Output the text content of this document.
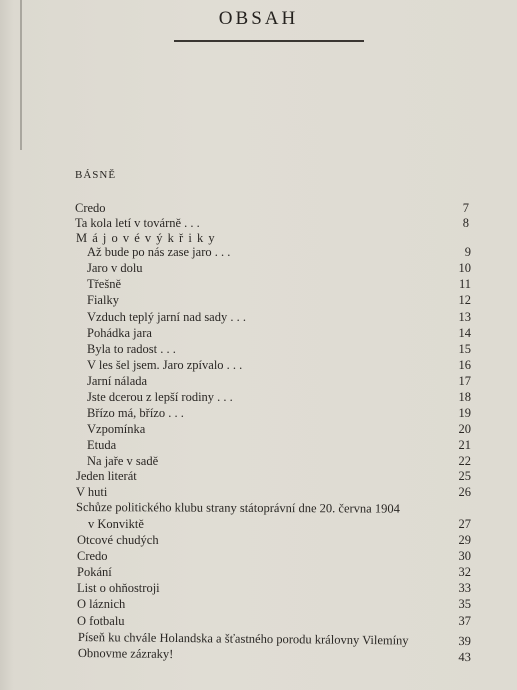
OBSAH
BÁSNĚ
Credo	7
Ta kola letí v továrně . . .	8
M á j o v é v ý k ř i k y
Až bude po nás zase jaro . . .	9
Jaro v dolu	10
Třešně	11
Fialky	12
Vzduch teplý jarní nad sady . . .	13
Pohádka jara	14
Byla to radost . . .	15
V les šel jsem. Jaro zpívalo . . .	16
Jarní nálada	17
Jste dcerou z lepší rodiny . . .	18
Břízo má, břízo . . .	19
Vzpomínka	20
Etuda	21
Na jaře v sadě	22
Jeden literát	25
V huti	26
Schůze politického klubu strany státoprávní dne 20. června 1904
v Konviktě	27
Otcové chudých	29
Credo	30
Pokání	32
List o ohňostroji	33
O láznich	35
O fotbalu	37
Píseň ku chvále Holandska a šťastného porodu královny Vilemíny	39
Obnovme zázraky!	43
